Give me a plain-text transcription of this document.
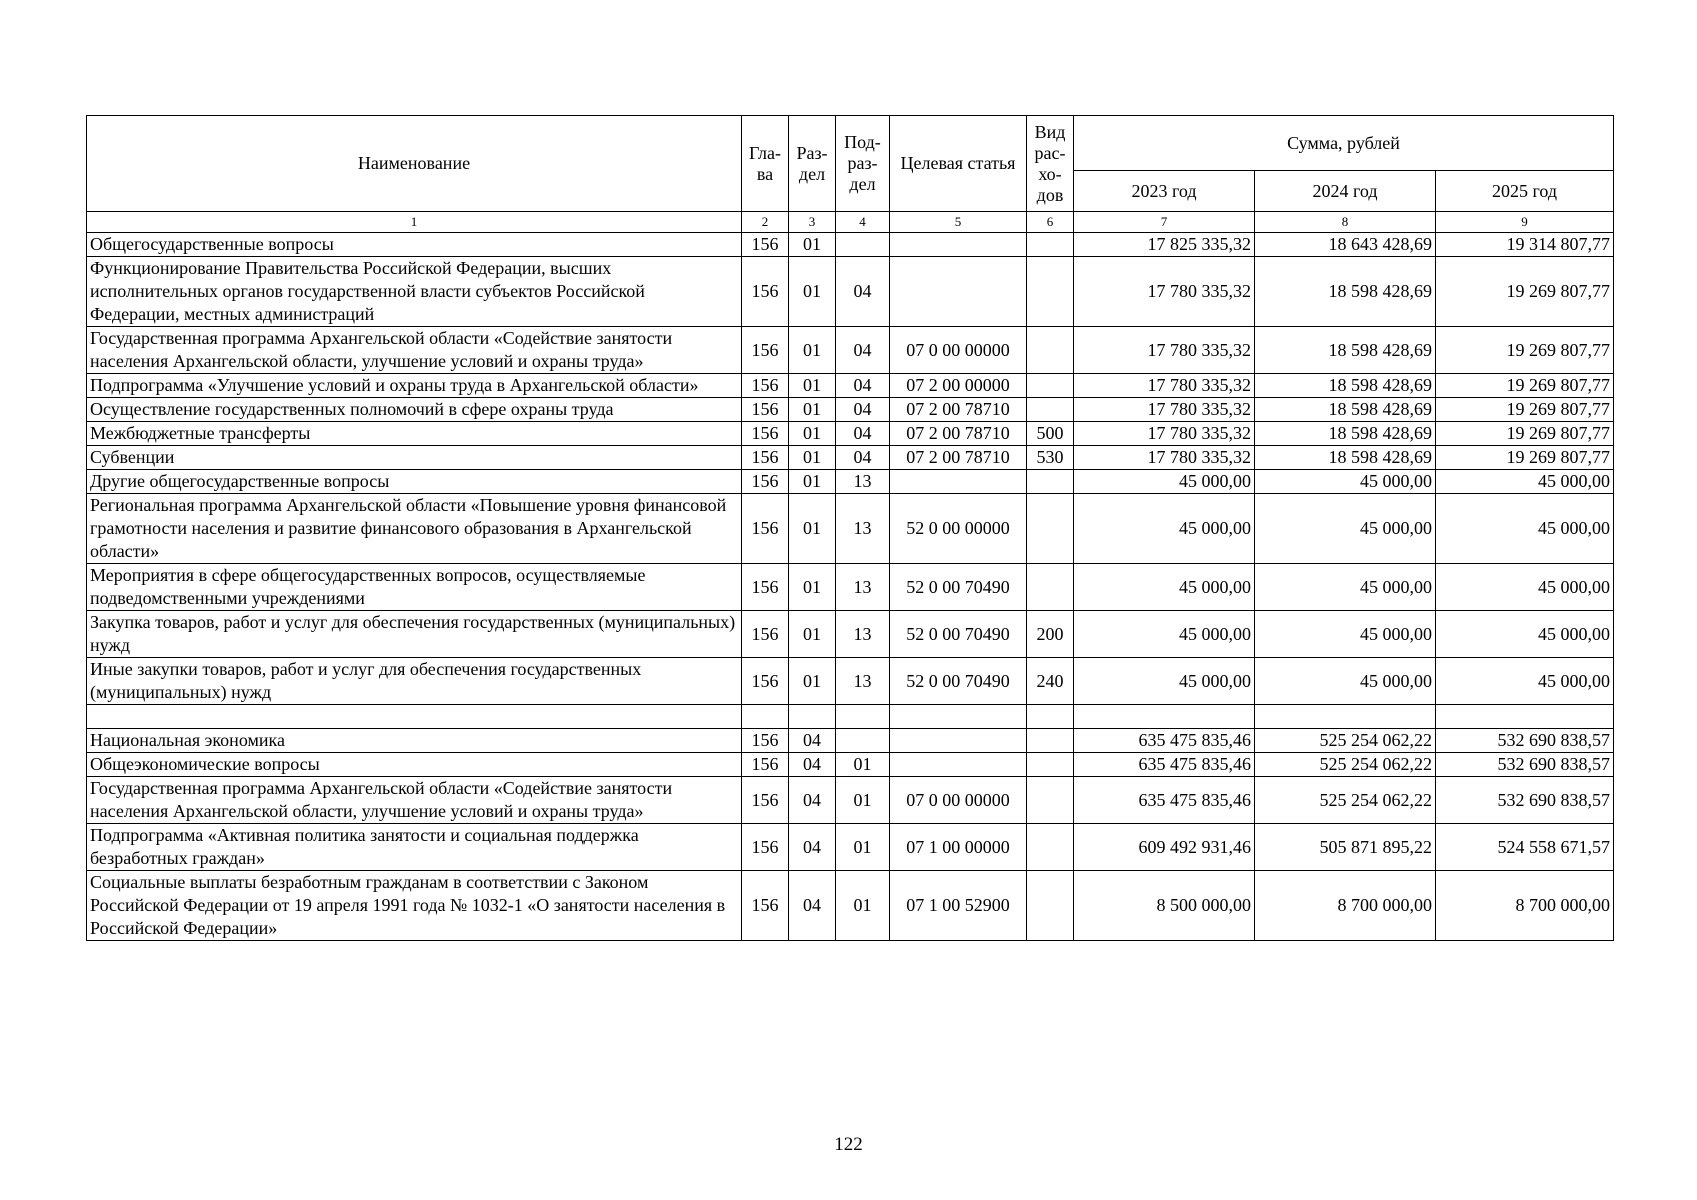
Наименование	Гла-ва	Раз-дел	Под-раз-дел	Целевая статья	Вид рас-хо-дов	Сумма, рублей		
						2023 год	2024 год	2025 год
1	2	3	4	5	6	7	8	9
Общегосударственные вопросы	156	01				17 825 335,32	18 643 428,69	19 314 807,77
Функционирование Правительства Российской Федерации, высших исполнительных органов государственной власти субъектов Российской Федерации, местных администраций	156	01	04			17 780 335,32	18 598 428,69	19 269 807,77
Государственная программа Архангельской области «Содействие занятости населения Архангельской области, улучшение условий и охраны труда»	156	01	04	07 0 00 00000		17 780 335,32	18 598 428,69	19 269 807,77
Подпрограмма «Улучшение условий и охраны труда в Архангельской области»	156	01	04	07 2 00 00000		17 780 335,32	18 598 428,69	19 269 807,77
Осуществление государственных полномочий в сфере охраны труда	156	01	04	07 2 00 78710		17 780 335,32	18 598 428,69	19 269 807,77
Межбюджетные трансферты	156	01	04	07 2 00 78710	500	17 780 335,32	18 598 428,69	19 269 807,77
Субвенции	156	01	04	07 2 00 78710	530	17 780 335,32	18 598 428,69	19 269 807,77
Другие общегосударственные вопросы	156	01	13			45 000,00	45 000,00	45 000,00
Региональная программа Архангельской области «Повышение уровня финансовой грамотности населения и развитие финансового образования в Архангельской области»	156	01	13	52 0 00 00000		45 000,00	45 000,00	45 000,00
Мероприятия в сфере общегосударственных вопросов, осуществляемые подведомственными учреждениями	156	01	13	52 0 00 70490		45 000,00	45 000,00	45 000,00
Закупка товаров, работ и услуг для обеспечения государственных (муниципальных) нужд	156	01	13	52 0 00 70490	200	45 000,00	45 000,00	45 000,00
Иные закупки товаров, работ и услуг для обеспечения государственных (муниципальных) нужд	156	01	13	52 0 00 70490	240	45 000,00	45 000,00	45 000,00

Национальная экономика	156	04				635 475 835,46	525 254 062,22	532 690 838,57
Общеэкономические вопросы	156	04	01			635 475 835,46	525 254 062,22	532 690 838,57
Государственная программа Архангельской области «Содействие занятости населения Архангельской области, улучшение условий и охраны труда»	156	04	01	07 0 00 00000		635 475 835,46	525 254 062,22	532 690 838,57
Подпрограмма «Активная политика занятости и социальная поддержка безработных граждан»	156	04	01	07 1 00 00000		609 492 931,46	505 871 895,22	524 558 671,57
Социальные выплаты безработным гражданам в соответствии с Законом Российской Федерации от 19 апреля 1991 года № 1032-1 «О занятости населения в Российской Федерации»	156	04	01	07 1 00 52900		8 500 000,00	8 700 000,00	8 700 000,00
122
